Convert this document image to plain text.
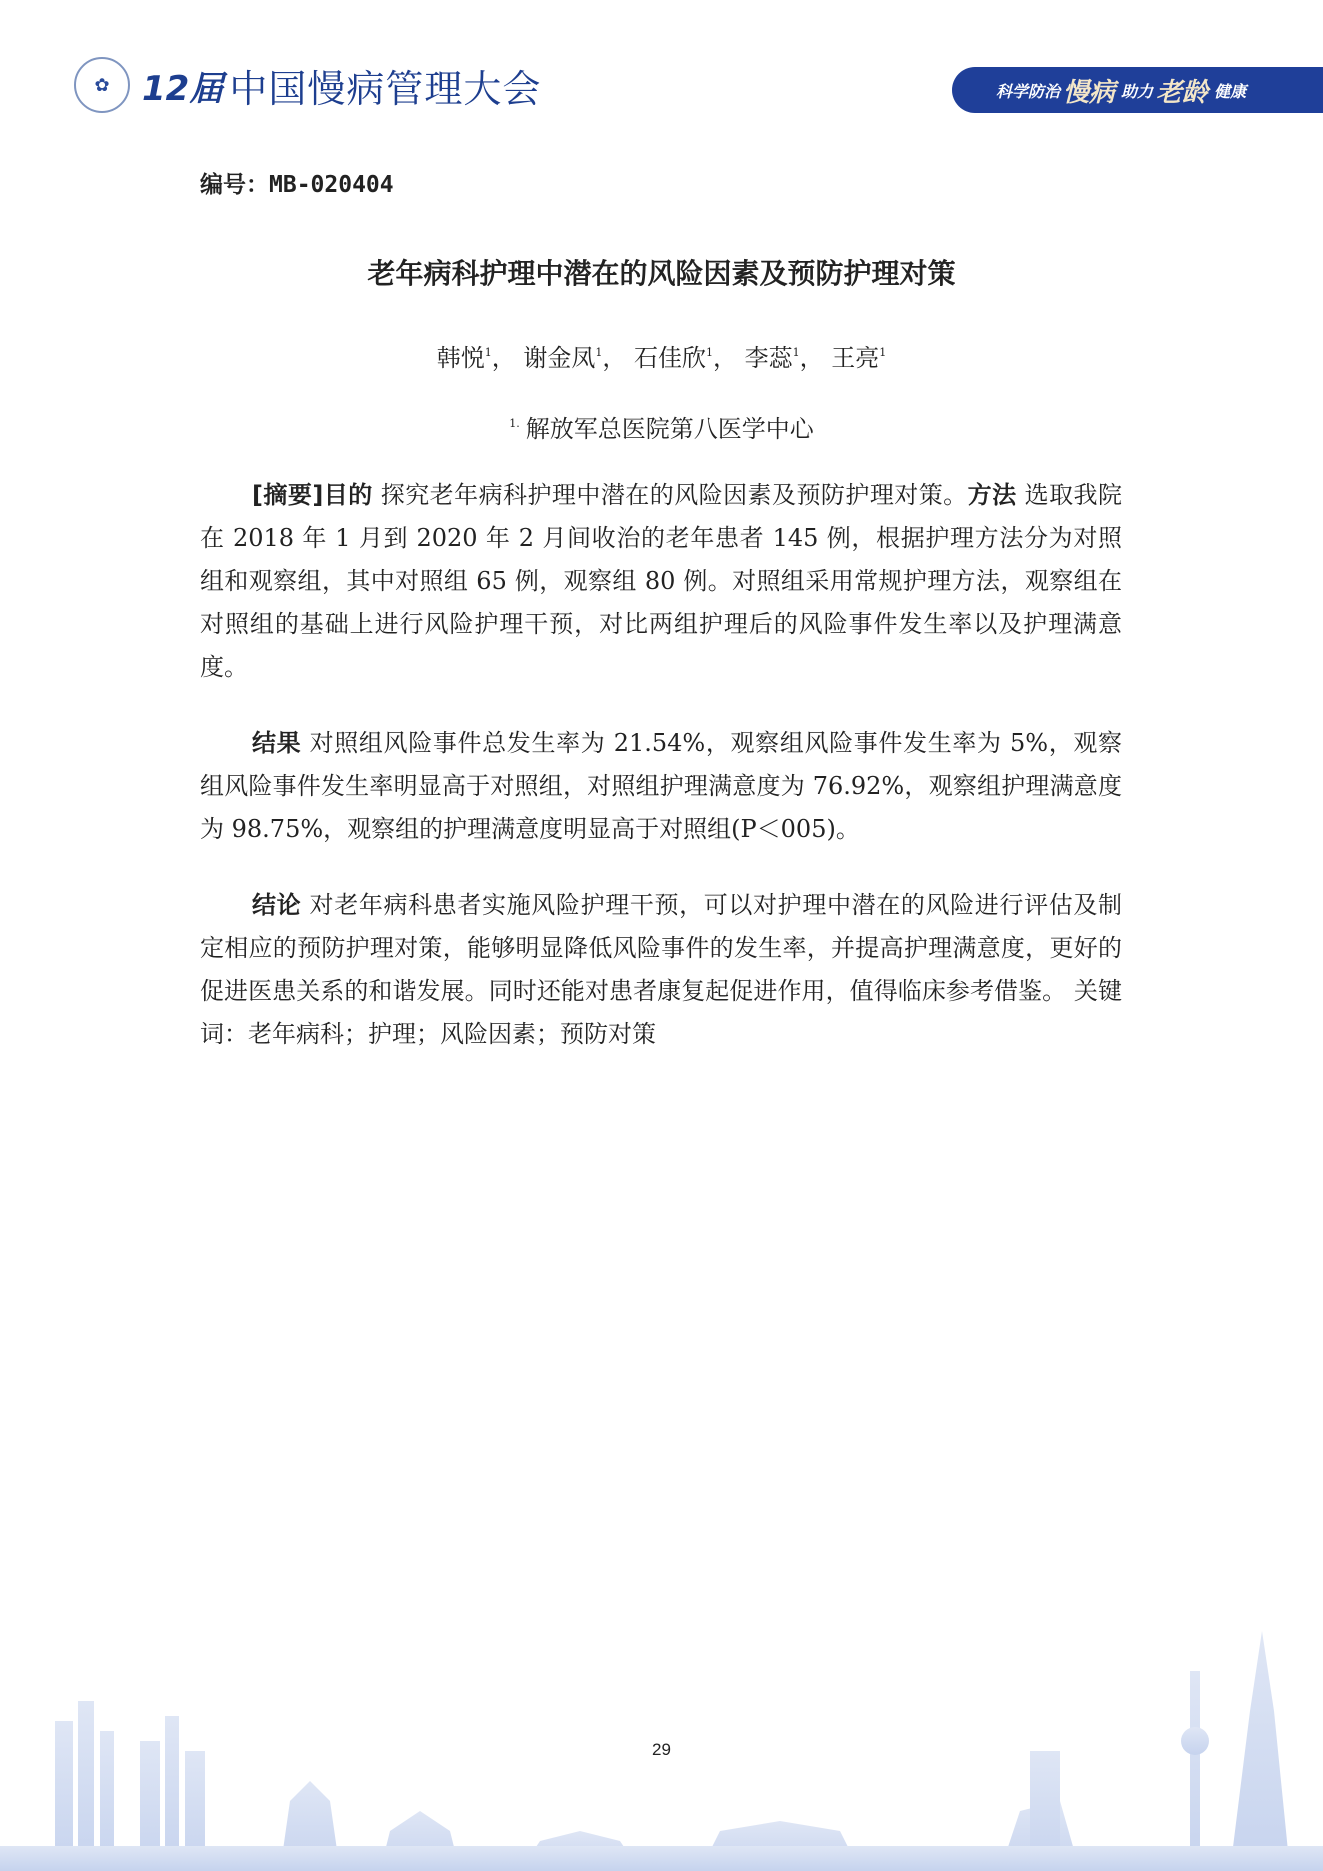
✿ 12届 中国慢病管理大会	科学防治 慢病 助力 老龄 健康
编号：MB-020404
老年病科护理中潜在的风险因素及预防护理对策
韩悦$^1$， 谢金凤$^1$， 石佳欣$^1$， 李蕊$^1$， 王亮$^1$
$^{1.}$ 解放军总医院第八医学中心
[摘要]目的 探究老年病科护理中潜在的风险因素及预防护理对策。方法 选取我院在 2018 年 1 月到 2020 年 2 月间收治的老年患者 145 例，根据护理方法分为对照组和观察组，其中对照组 65 例，观察组 80 例。对照组采用常规护理方法，观察组在对照组的基础上进行风险护理干预，对比两组护理后的风险事件发生率以及护理满意度。
结果 对照组风险事件总发生率为 21.54%，观察组风险事件发生率为 5%，观察组风险事件发生率明显高于对照组，对照组护理满意度为 76.92%，观察组护理满意度为 98.75%，观察组的护理满意度明显高于对照组(P＜005)。
结论 对老年病科患者实施风险护理干预，可以对护理中潜在的风险进行评估及制定相应的预防护理对策，能够明显降低风险事件的发生率，并提高护理满意度，更好的促进医患关系的和谐发展。同时还能对患者康复起促进作用，值得临床参考借鉴。 关键词：老年病科；护理；风险因素；预防对策
29
